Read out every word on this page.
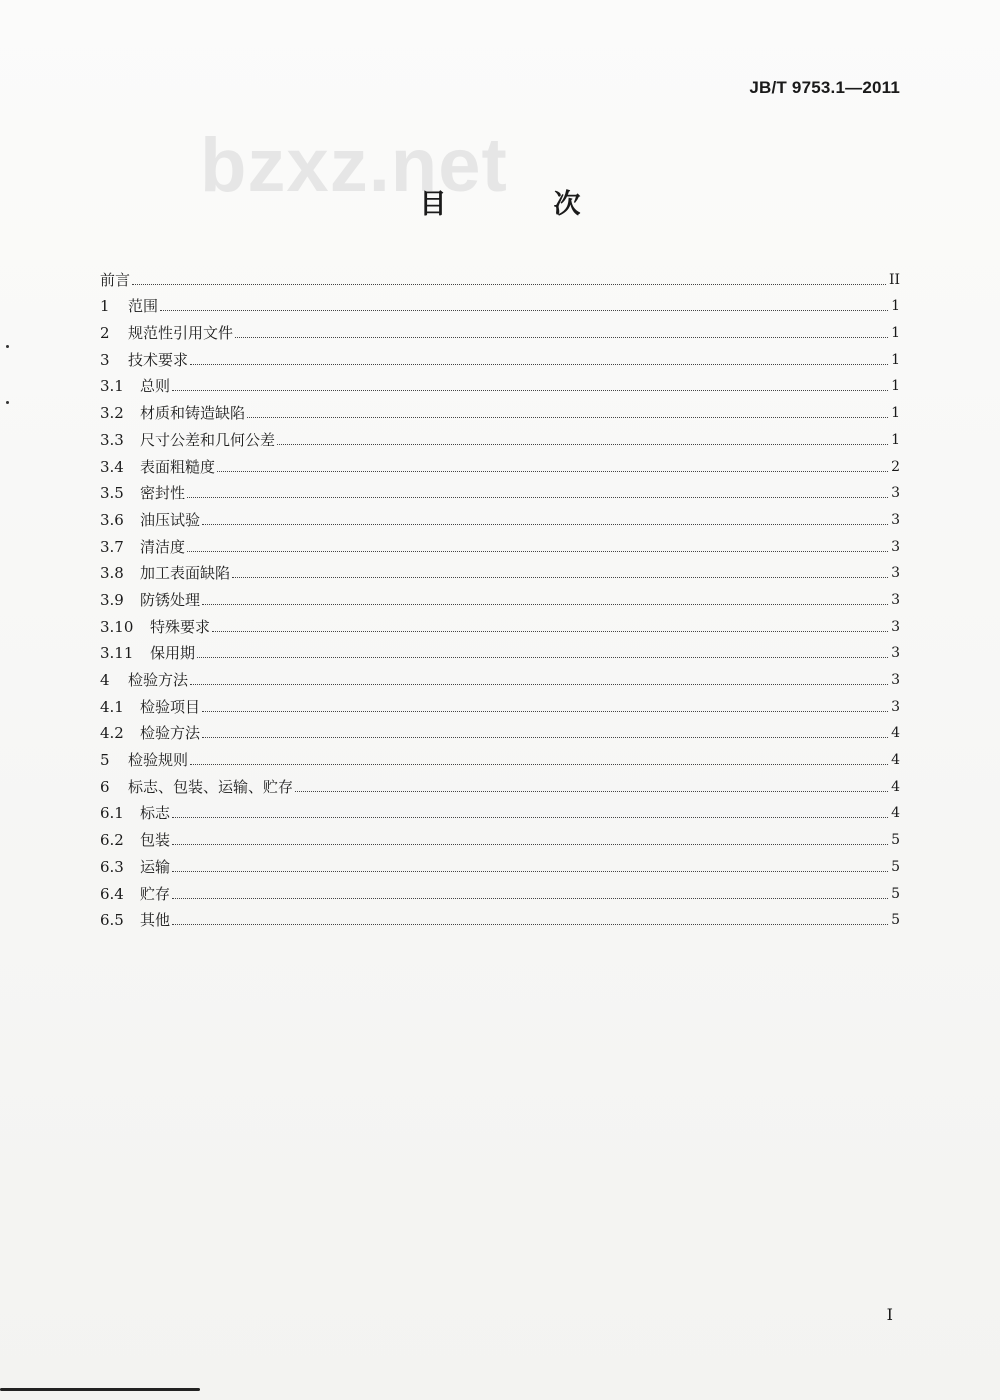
bzxz.net
JB/T 9753.1—2011
目　次
前言	II
1	范围	1
2	规范性引用文件	1
3	技术要求	1
3.1	总则	1
3.2	材质和铸造缺陷	1
3.3	尺寸公差和几何公差	1
3.4	表面粗糙度	2
3.5	密封性	3
3.6	油压试验	3
3.7	清洁度	3
3.8	加工表面缺陷	3
3.9	防锈处理	3
3.10	特殊要求	3
3.11	保用期	3
4	检验方法	3
4.1	检验项目	3
4.2	检验方法	4
5	检验规则	4
6	标志、包装、运输、贮存	4
6.1	标志	4
6.2	包装	5
6.3	运输	5
6.4	贮存	5
6.5	其他	5
I
